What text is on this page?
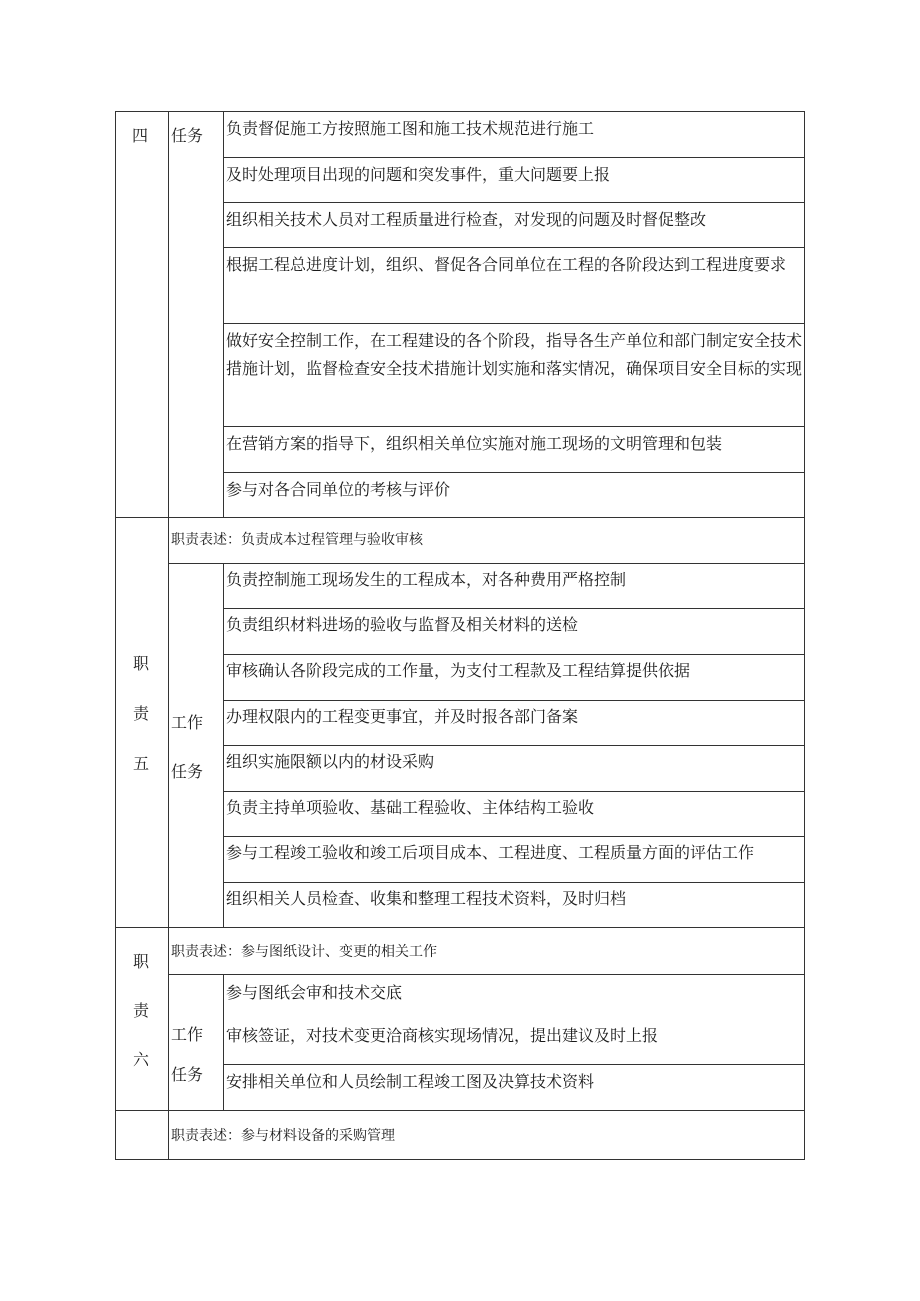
四 任务 负责督促施工方按照施工图和施工技术规范进行施工
及时处理项目出现的问题和突发事件，重大问题要上报
组织相关技术人员对工程质量进行检查，对发现的问题及时督促整改
根据工程总进度计划，组织、督促各合同单位在工程的各阶段达到工程进度要求
做好安全控制工作，在工程建设的各个阶段，指导各生产单位和部门制定安全技术措施计划，监督检查安全技术措施计划实施和落实情况，确保项目安全目标的实现
在营销方案的指导下，组织相关单位实施对施工现场的文明管理和包装
参与对各合同单位的考核与评价
职
责
五
职责表述：负责成本过程管理与验收审核
工作
任务
负责控制施工现场发生的工程成本，对各种费用严格控制
负责组织材料进场的验收与监督及相关材料的送检
审核确认各阶段完成的工作量，为支付工程款及工程结算提供依据
办理权限内的工程变更事宜，并及时报各部门备案
组织实施限额以内的材设采购
负责主持单项验收、基础工程验收、主体结构工验收
参与工程竣工验收和竣工后项目成本、工程进度、工程质量方面的评估工作
组织相关人员检查、收集和整理工程技术资料，及时归档
职
责
六
职责表述：参与图纸设计、变更的相关工作
工作
任务
参与图纸会审和技术交底
审核签证，对技术变更洽商核实现场情况，提出建议及时上报
安排相关单位和人员绘制工程竣工图及决算技术资料
职责表述：参与材料设备的采购管理
